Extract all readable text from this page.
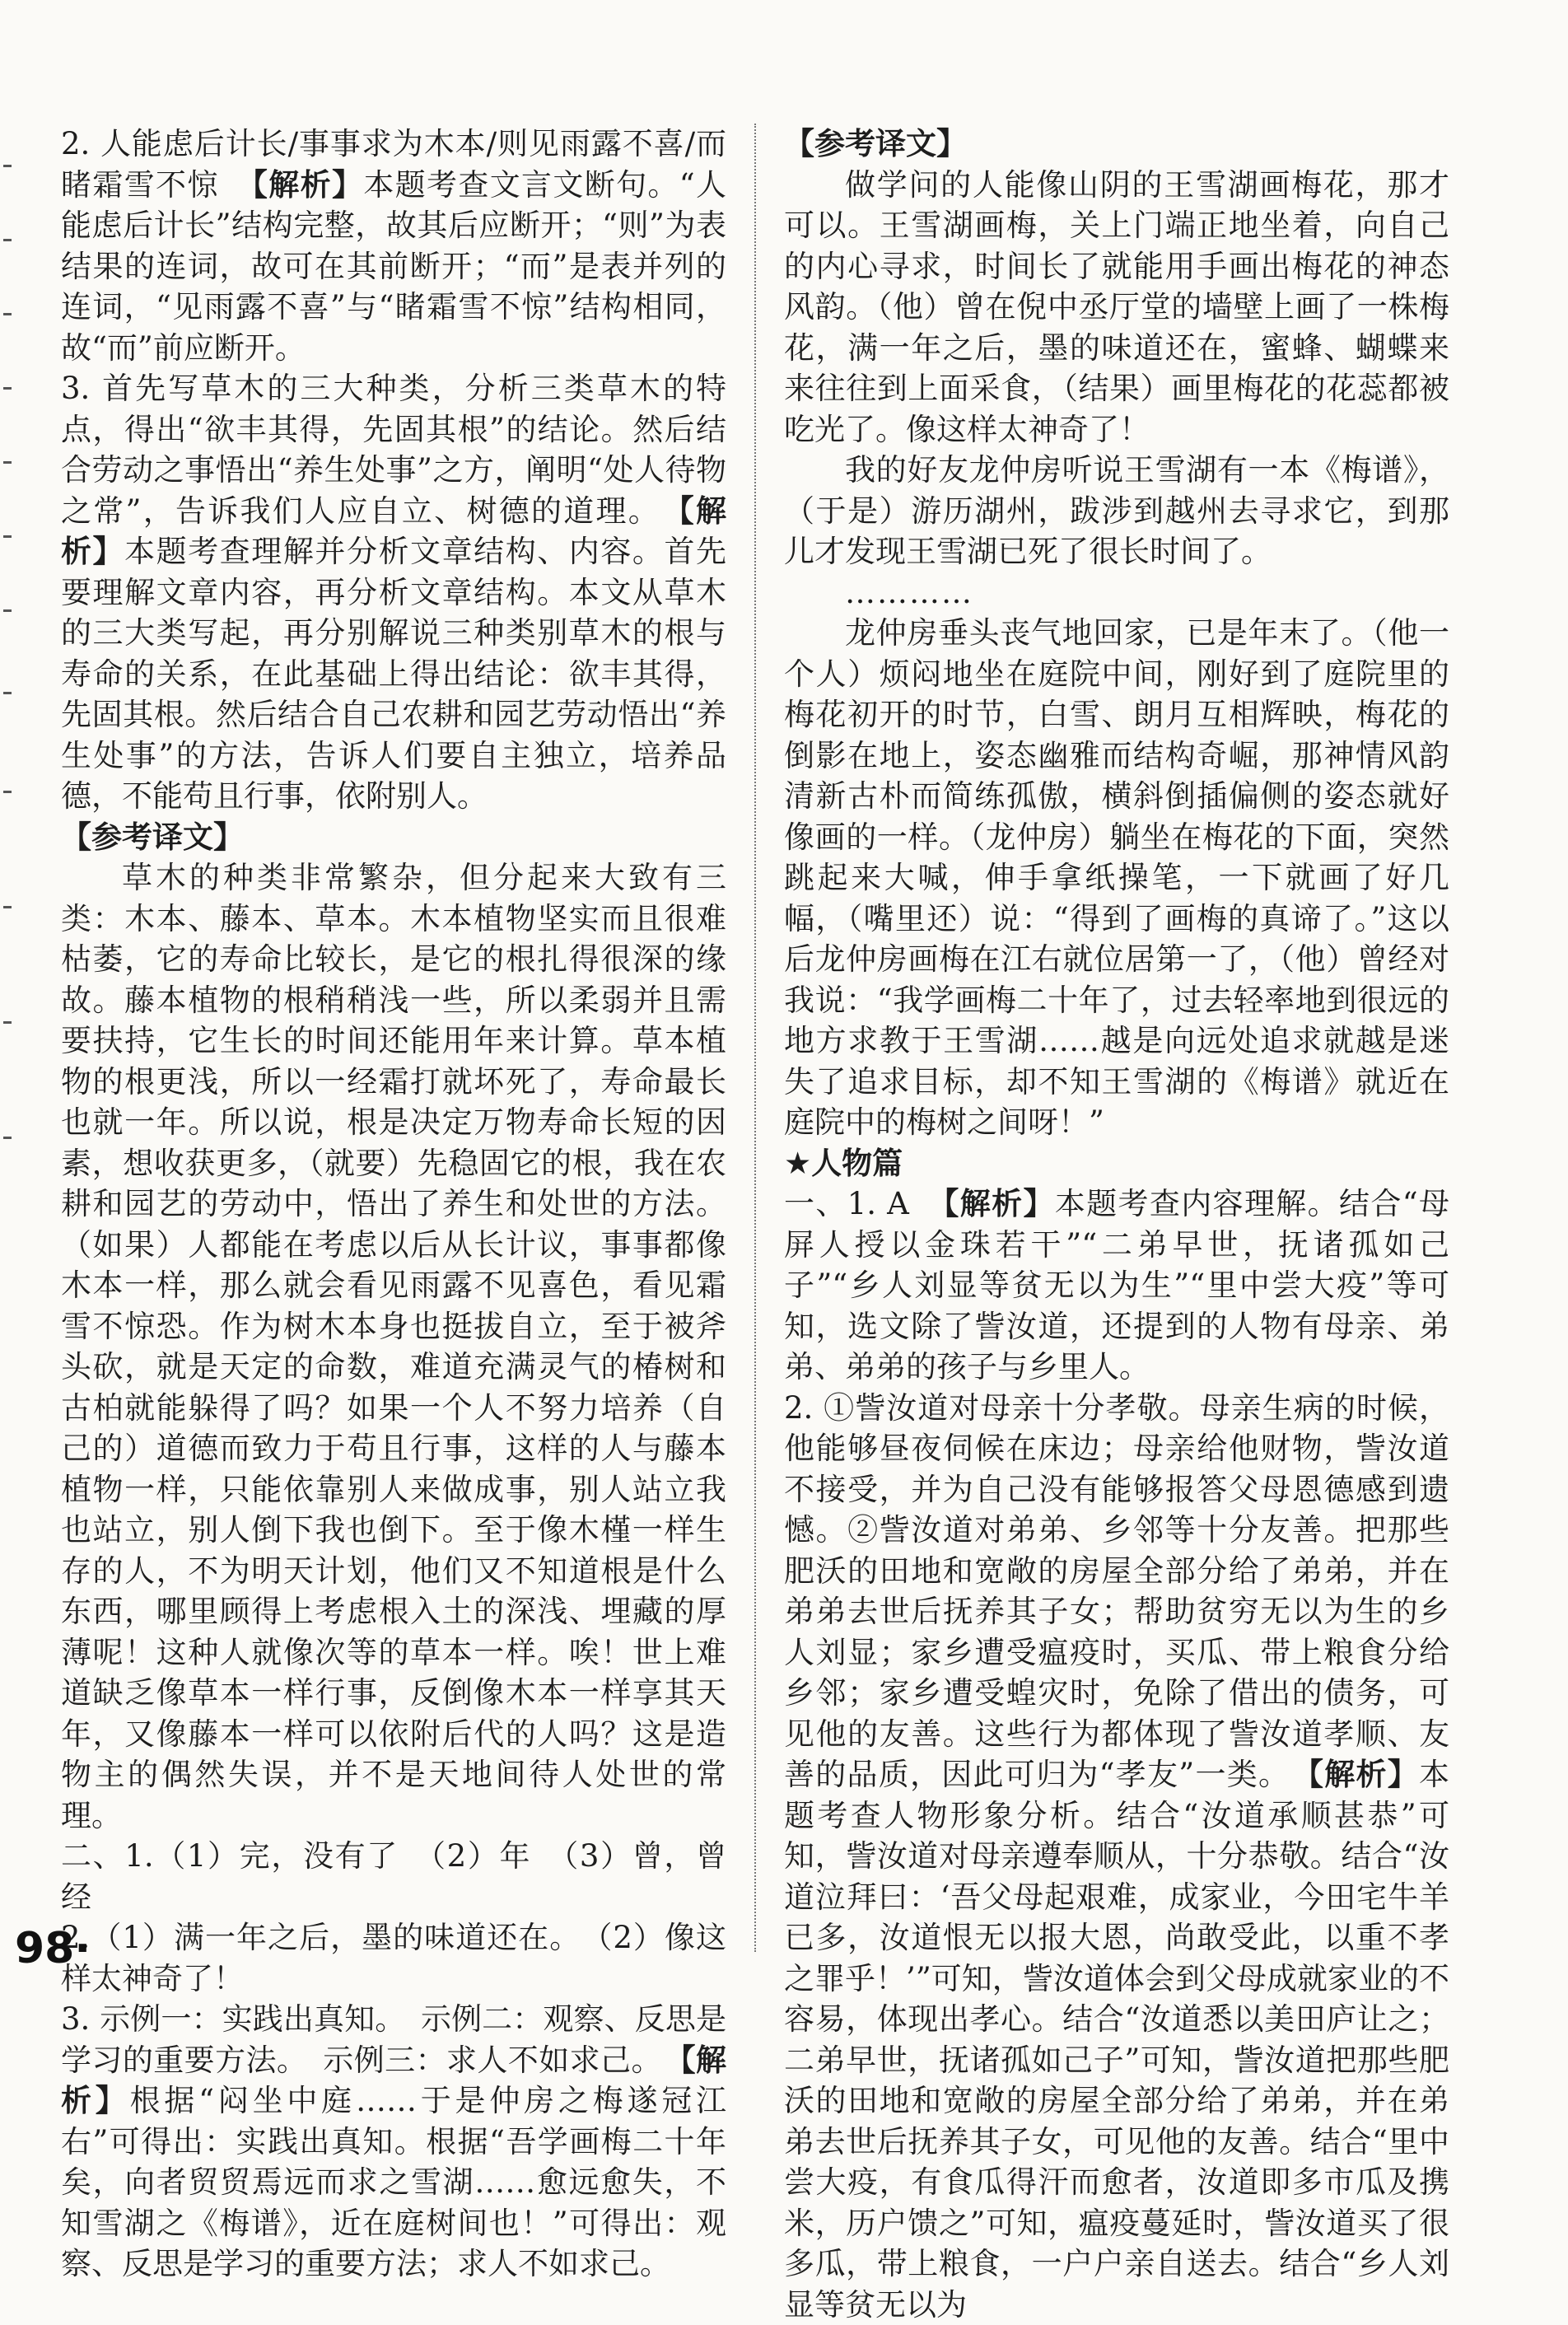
2. 人能虑后计长/事事求为木本/则见雨露不喜/而睹霜雪不惊 【解析】本题考查文言文断句。“人能虑后计长”结构完整，故其后应断开；“则”为表结果的连词，故可在其前断开；“而”是表并列的连词，“见雨露不喜”与“睹霜雪不惊”结构相同，故“而”前应断开。

3. 首先写草木的三大种类，分析三类草木的特点，得出“欲丰其得，先固其根”的结论。然后结合劳动之事悟出“养生处事”之方，阐明“处人待物之常”，告诉我们人应自立、树德的道理。 【解析】本题考查理解并分析文章结构、内容。首先要理解文章内容，再分析文章结构。本文从草木的三大类写起，再分别解说三种类别草木的根与寿命的关系，在此基础上得出结论：欲丰其得，先固其根。然后结合自己农耕和园艺劳动悟出“养生处事”的方法，告诉人们要自主独立，培养品德，不能苟且行事，依附别人。

【参考译文】

草木的种类非常繁杂，但分起来大致有三类：木本、藤本、草本。木本植物坚实而且很难枯萎，它的寿命比较长，是它的根扎得很深的缘故。藤本植物的根稍稍浅一些，所以柔弱并且需要扶持，它生长的时间还能用年来计算。草本植物的根更浅，所以一经霜打就坏死了，寿命最长也就一年。所以说，根是决定万物寿命长短的因素，想收获更多，（就要）先稳固它的根，我在农耕和园艺的劳动中，悟出了养生和处世的方法。（如果）人都能在考虑以后从长计议，事事都像木本一样，那么就会看见雨露不见喜色，看见霜雪不惊恐。作为树木本身也挺拔自立，至于被斧头砍，就是天定的命数，难道充满灵气的椿树和古柏就能躲得了吗？如果一个人不努力培养（自己的）道德而致力于苟且行事，这样的人与藤本植物一样，只能依靠别人来做成事，别人站立我也站立，别人倒下我也倒下。至于像木槿一样生存的人，不为明天计划，他们又不知道根是什么东西，哪里顾得上考虑根入土的深浅、埋藏的厚薄呢！这种人就像次等的草本一样。唉！世上难道缺乏像草本一样行事，反倒像木本一样享其天年，又像藤本一样可以依附后代的人吗？这是造物主的偶然失误，并不是天地间待人处世的常理。

二、1.（1）完，没有了　（2）年　（3）曾，曾经

2.（1）满一年之后，墨的味道还在。　（2）像这样太神奇了！

3. 示例一：实践出真知。　示例二：观察、反思是学习的重要方法。　示例三：求人不如求己。 【解析】根据“闷坐中庭……于是仲房之梅遂冠江右”可得出：实践出真知。根据“吾学画梅二十年矣，向者贸贸焉远而求之雪湖……愈远愈失，不知雪湖之《梅谱》，近在庭树间也！”可得出：观察、反思是学习的重要方法；求人不如求己。

【参考译文】

做学问的人能像山阴的王雪湖画梅花，那才可以。王雪湖画梅，关上门端正地坐着，向自己的内心寻求，时间长了就能用手画出梅花的神态风韵。（他）曾在倪中丞厅堂的墙壁上画了一株梅花，满一年之后，墨的味道还在，蜜蜂、蝴蝶来来往往到上面采食，（结果）画里梅花的花蕊都被吃光了。像这样太神奇了！

我的好友龙仲房听说王雪湖有一本《梅谱》，（于是）游历湖州，跋涉到越州去寻求它，到那儿才发现王雪湖已死了很长时间了。

…………

龙仲房垂头丧气地回家，已是年末了。（他一个人）烦闷地坐在庭院中间，刚好到了庭院里的梅花初开的时节，白雪、朗月互相辉映，梅花的倒影在地上，姿态幽雅而结构奇崛，那神情风韵清新古朴而简练孤傲，横斜倒插偏侧的姿态就好像画的一样。（龙仲房）躺坐在梅花的下面，突然跳起来大喊，伸手拿纸操笔，一下就画了好几幅，（嘴里还）说：“得到了画梅的真谛了。”这以后龙仲房画梅在江右就位居第一了，（他）曾经对我说：“我学画梅二十年了，过去轻率地到很远的地方求教于王雪湖……越是向远处追求就越是迷失了追求目标，却不知王雪湖的《梅谱》就近在庭院中的梅树之间呀！”

★人物篇

一、1. A 【解析】本题考查内容理解。结合“母屏人授以金珠若干”“二弟早世，抚诸孤如己子”“乡人刘显等贫无以为生”“里中尝大疫”等可知，选文除了訾汝道，还提到的人物有母亲、弟弟、弟弟的孩子与乡里人。

2. ①訾汝道对母亲十分孝敬。母亲生病的时候，他能够昼夜伺候在床边；母亲给他财物，訾汝道不接受，并为自己没有能够报答父母恩德感到遗憾。②訾汝道对弟弟、乡邻等十分友善。把那些肥沃的田地和宽敞的房屋全部分给了弟弟，并在弟弟去世后抚养其子女；帮助贫穷无以为生的乡人刘显；家乡遭受瘟疫时，买瓜、带上粮食分给乡邻；家乡遭受蝗灾时，免除了借出的债务，可见他的友善。这些行为都体现了訾汝道孝顺、友善的品质，因此可归为“孝友”一类。 【解析】本题考查人物形象分析。结合“汝道承顺甚恭”可知，訾汝道对母亲遵奉顺从，十分恭敬。结合“汝道泣拜曰：‘吾父母起艰难，成家业，今田宅牛羊已多，汝道恨无以报大恩，尚敢受此，以重不孝之罪乎！’”可知，訾汝道体会到父母成就家业的不容易，体现出孝心。结合“汝道悉以美田庐让之；二弟早世，抚诸孤如己子”可知，訾汝道把那些肥沃的田地和宽敞的房屋全部分给了弟弟，并在弟弟去世后抚养其子女，可见他的友善。结合“里中尝大疫，有食瓜得汗而愈者，汝道即多市瓜及携米，历户馈之”可知，瘟疫蔓延时，訾汝道买了很多瓜，带上粮食，一户户亲自送去。结合“乡人刘显等贫无以为

98·
